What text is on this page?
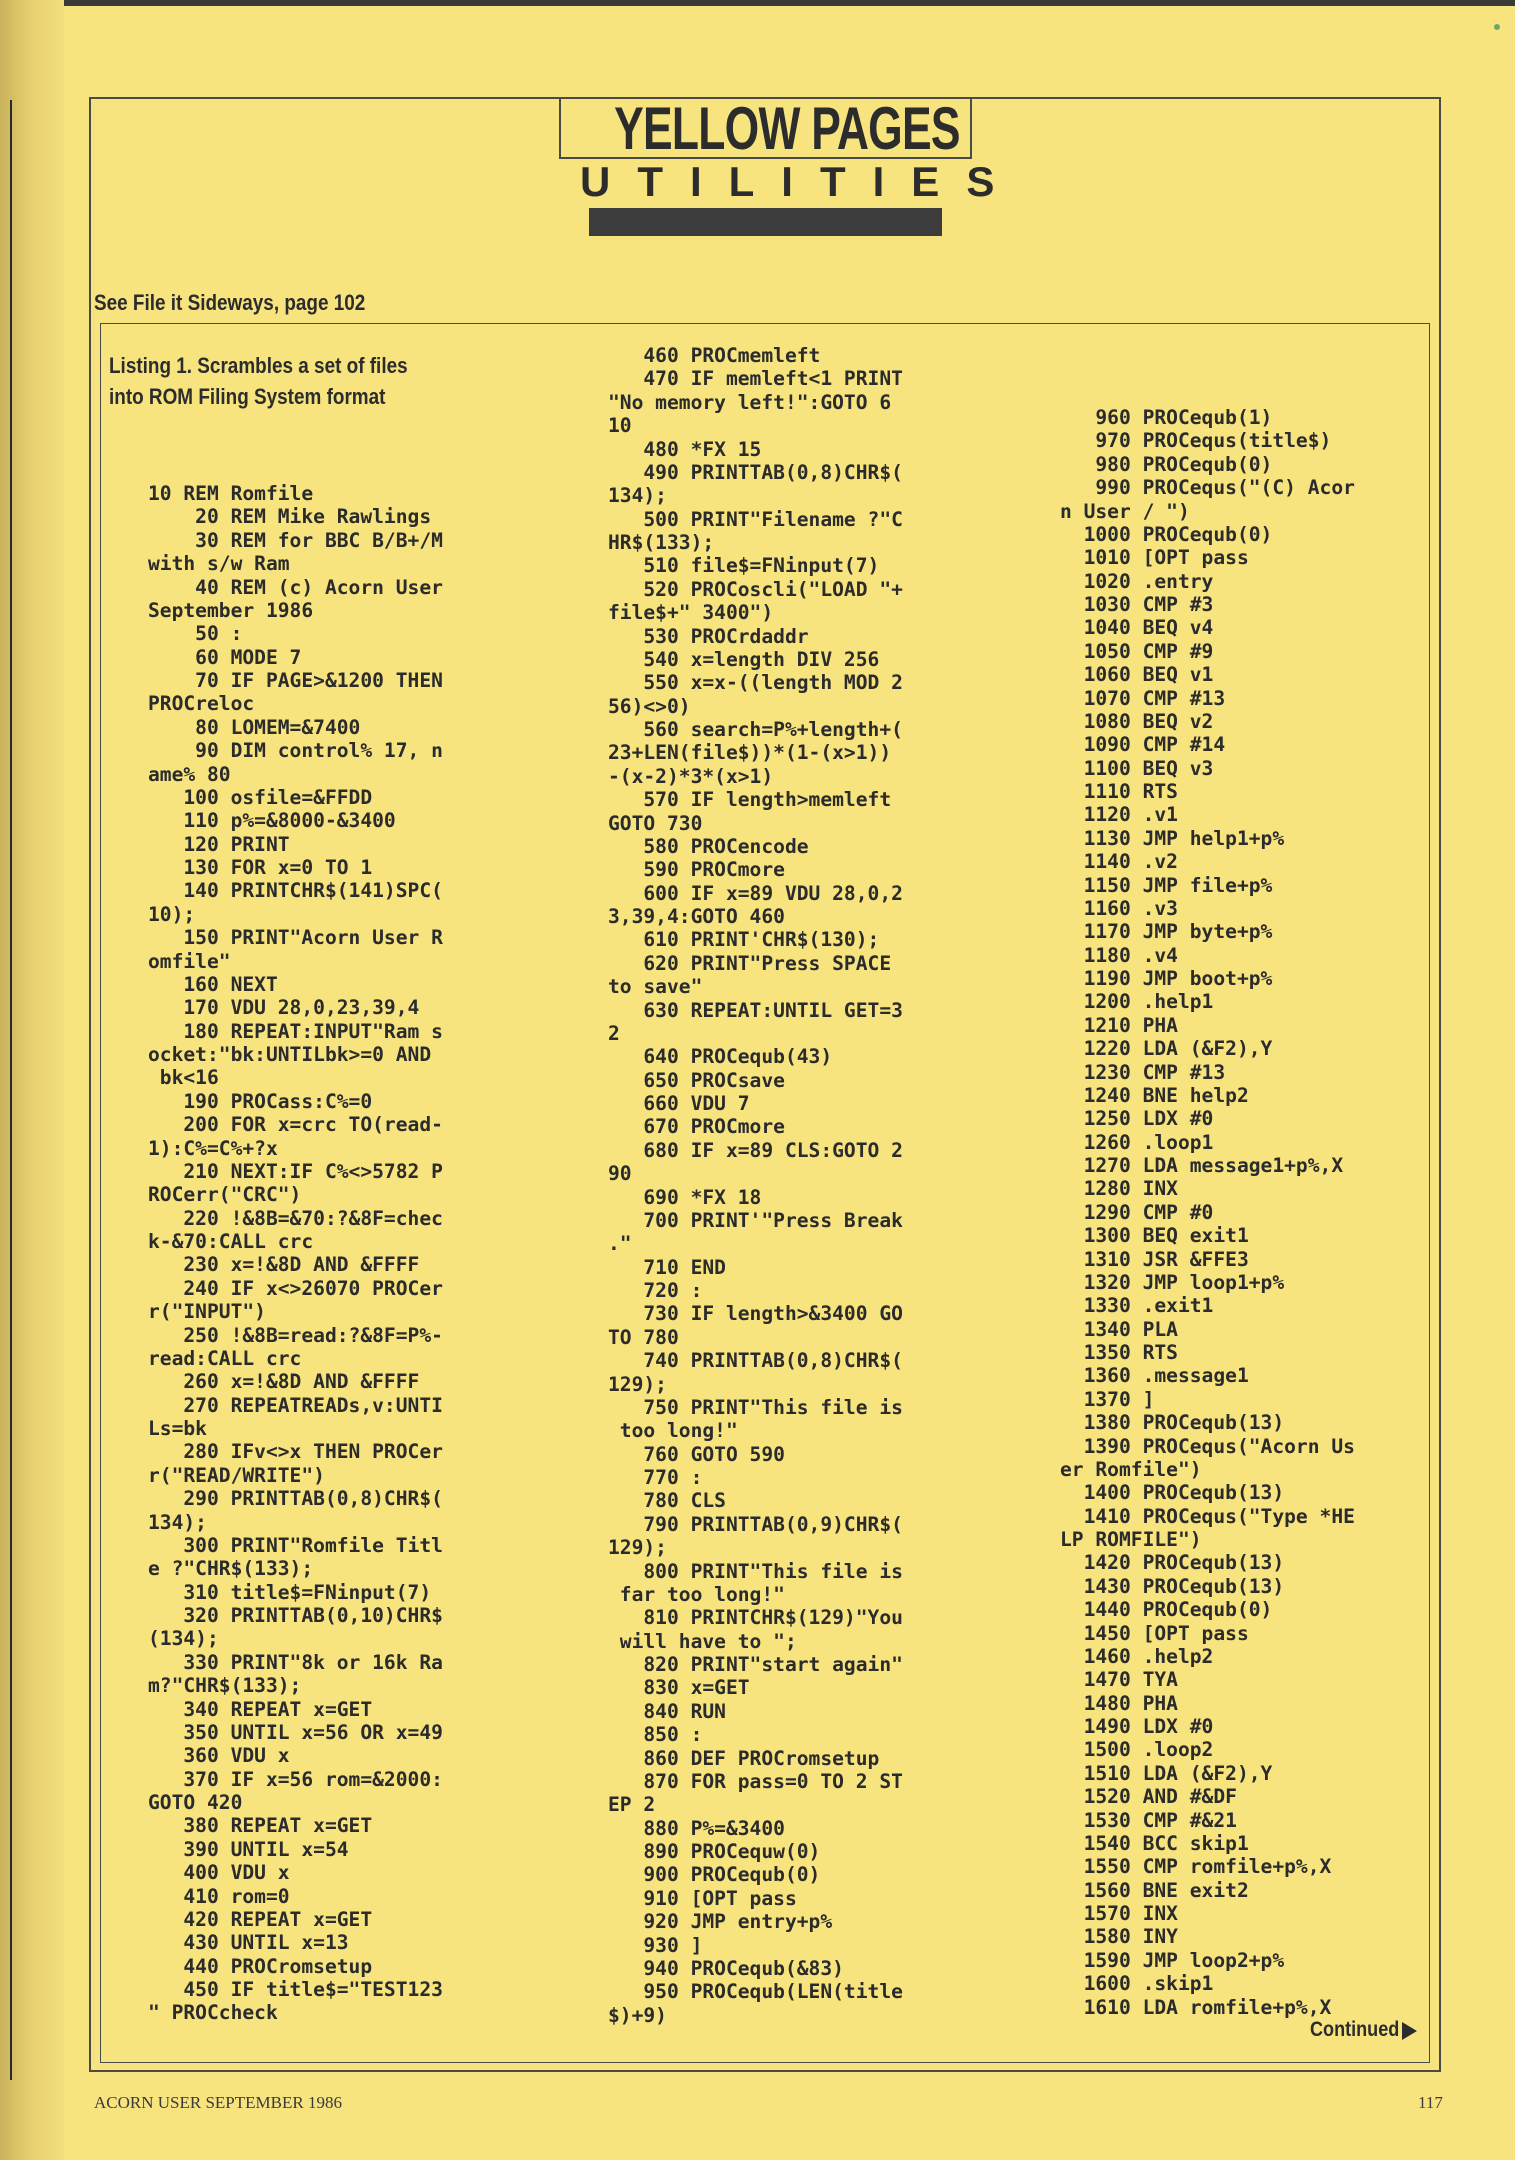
YELLOW PAGES
UTILITIES
See File it Sideways, page 102
Listing 1. Scrambles a set of files into ROM Filing System format
10 REM Romfile
20 REM Mike Rawlings
30 REM for BBC B/B+/M
with s/w Ram
40 REM (c) Acorn User
September 1986
50 :
60 MODE 7
70 IF PAGE>&1200 THEN
PROCreloc
80 LOMEM=&7400
90 DIM control% 17, n
ame% 80
100 osfile=&FFDD
110 p%=&8000-&3400
120 PRINT
130 FOR x=0 TO 1
140 PRINTCHR$(141)SPC(
10);
150 PRINT"Acorn User R
omfile"
160 NEXT
170 VDU 28,0,23,39,4
180 REPEAT:INPUT"Ram s
ocket:"bk:UNTILbk>=0 AND
bk<16
190 PROCass:C%=0
200 FOR x=crc TO(read-
1):C%=C%+?x
210 NEXT:IF C%<>5782 P
ROCerr("CRC")
220 !&8B=&70:?&8F=chec
k-&70:CALL crc
230 x=!&8D AND &FFFF
240 IF x<>26070 PROCer
r("INPUT")
250 !&8B=read:?&8F=P%-
read:CALL crc
260 x=!&8D AND &FFFF
270 REPEATREADs,v:UNTI
Ls=bk
280 IFv<>x THEN PROCer
r("READ/WRITE")
290 PRINTTAB(0,8)CHR$(
134);
300 PRINT"Romfile Titl
e ?"CHR$(133);
310 title$=FNinput(7)
320 PRINTTAB(0,10)CHR$
(134);
330 PRINT"8k or 16k Ra
m?"CHR$(133);
340 REPEAT x=GET
350 UNTIL x=56 OR x=49
360 VDU x
370 IF x=56 rom=&2000:
GOTO 420
380 REPEAT x=GET
390 UNTIL x=54
400 VDU x
410 rom=0
420 REPEAT x=GET
430 UNTIL x=13
440 PROCromsetup
450 IF title$="TEST123
" PROCcheck
460 PROCmemleft
470 IF memleft<1 PRINT
"No memory left!":GOTO 6
10
480 *FX 15
490 PRINTTAB(0,8)CHR$(
134);
500 PRINT"Filename ?"C
HR$(133);
510 file$=FNinput(7)
520 PROCoscli("LOAD "+
file$+" 3400")
530 PROCrdaddr
540 x=length DIV 256
550 x=x-((length MOD 2
56)<>0)
560 search=P%+length+(
23+LEN(file$))*(1-(x>1))
-(x-2)*3*(x>1)
570 IF length>memleft
GOTO 730
580 PROCencode
590 PROCmore
600 IF x=89 VDU 28,0,2
3,39,4:GOTO 460
610 PRINT'CHR$(130);
620 PRINT"Press SPACE
to save"
630 REPEAT:UNTIL GET=3
2
640 PROCequb(43)
650 PROCsave
660 VDU 7
670 PROCmore
680 IF x=89 CLS:GOTO 2
90
690 *FX 18
700 PRINT'"Press Break
."
710 END
720 :
730 IF length>&3400 GO
TO 780
740 PRINTTAB(0,8)CHR$(
129);
750 PRINT"This file is
too long!"
760 GOTO 590
770 :
780 CLS
790 PRINTTAB(0,9)CHR$(
129);
800 PRINT"This file is
far too long!"
810 PRINTCHR$(129)"You
will have to ";
820 PRINT"start again"
830 x=GET
840 RUN
850 :
860 DEF PROCromsetup
870 FOR pass=0 TO 2 ST
EP 2
880 P%=&3400
890 PROCequw(0)
900 PROCequb(0)
910 [OPT pass
920 JMP entry+p%
930 ]
940 PROCequb(&83)
950 PROCequb(LEN(title
$)+9)
960 PROCequb(1)
970 PROCequs(title$)
980 PROCequb(0)
990 PROCequs("(C) Acor
n User / ")
1000 PROCequb(0)
1010 [OPT pass
1020 .entry
1030 CMP #3
1040 BEQ v4
1050 CMP #9
1060 BEQ v1
1070 CMP #13
1080 BEQ v2
1090 CMP #14
1100 BEQ v3
1110 RTS
1120 .v1
1130 JMP help1+p%
1140 .v2
1150 JMP file+p%
1160 .v3
1170 JMP byte+p%
1180 .v4
1190 JMP boot+p%
1200 .help1
1210 PHA
1220 LDA (&F2),Y
1230 CMP #13
1240 BNE help2
1250 LDX #0
1260 .loop1
1270 LDA message1+p%,X
1280 INX
1290 CMP #0
1300 BEQ exit1
1310 JSR &FFE3
1320 JMP loop1+p%
1330 .exit1
1340 PLA
1350 RTS
1360 .message1
1370 ]
1380 PROCequb(13)
1390 PROCequs("Acorn Us
er Romfile")
1400 PROCequb(13)
1410 PROCequs("Type *HE
LP ROMFILE")
1420 PROCequb(13)
1430 PROCequb(13)
1440 PROCequb(0)
1450 [OPT pass
1460 .help2
1470 TYA
1480 PHA
1490 LDX #0
1500 .loop2
1510 LDA (&F2),Y
1520 AND #&DF
1530 CMP #&21
1540 BCC skip1
1550 CMP romfile+p%,X
1560 BNE exit2
1570 INX
1580 INY
1590 JMP loop2+p%
1600 .skip1
1610 LDA romfile+p%,X
Continued
ACORN USER SEPTEMBER 1986	117
